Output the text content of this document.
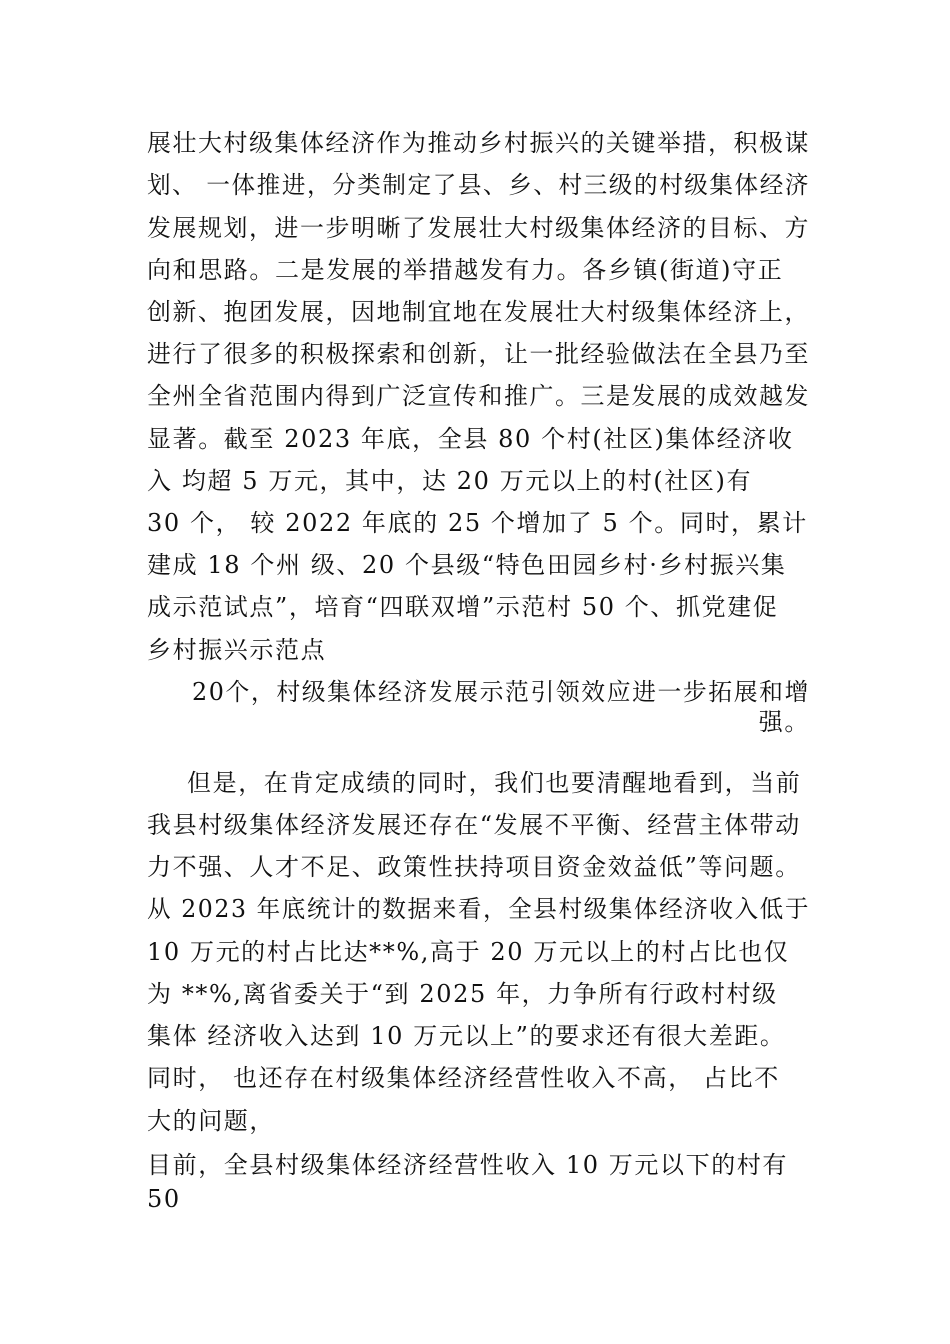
展壮大村级集体经济作为推动乡村振兴的关键举措，积极谋
划、 一体推进，分类制定了县、乡、村三级的村级集体经济
发展规划，进一步明晰了发展壮大村级集体经济的目标、方
向和思路。二是发展的举措越发有力。各乡镇(街道)守正
创新、抱团发展，因地制宜地在发展壮大村级集体经济上，
进行了很多的积极探索和创新，让一批经验做法在全县乃至
全州全省范围内得到广泛宣传和推广。三是发展的成效越发
显著。截至 2023 年底，全县 80 个村(社区)集体经济收
入 均超 5 万元，其中，达 20 万元以上的村(社区)有
30 个， 较 2022 年底的 25 个增加了 5 个。同时，累计
建成 18 个州 级、20 个县级“特色田园乡村·乡村振兴集
成示范试点”，培育“四联双增”示范村 50 个、抓党建促
乡村振兴示范点
20个，村级集体经济发展示范引领效应进一步拓展和增
强。
但是，在肯定成绩的同时，我们也要清醒地看到，当前
我县村级集体经济发展还存在“发展不平衡、经营主体带动
力不强、人才不足、政策性扶持项目资金效益低”等问题。
从 2023 年底统计的数据来看，全县村级集体经济收入低于
10 万元的村占比达**%,高于 20 万元以上的村占比也仅
为 **%,离省委关于“到 2025 年，力争所有行政村村级
集体 经济收入达到 10 万元以上”的要求还有很大差距。
同时， 也还存在村级集体经济经营性收入不高， 占比不
大的问题，
目前，全县村级集体经济经营性收入 10 万元以下的村有
50
